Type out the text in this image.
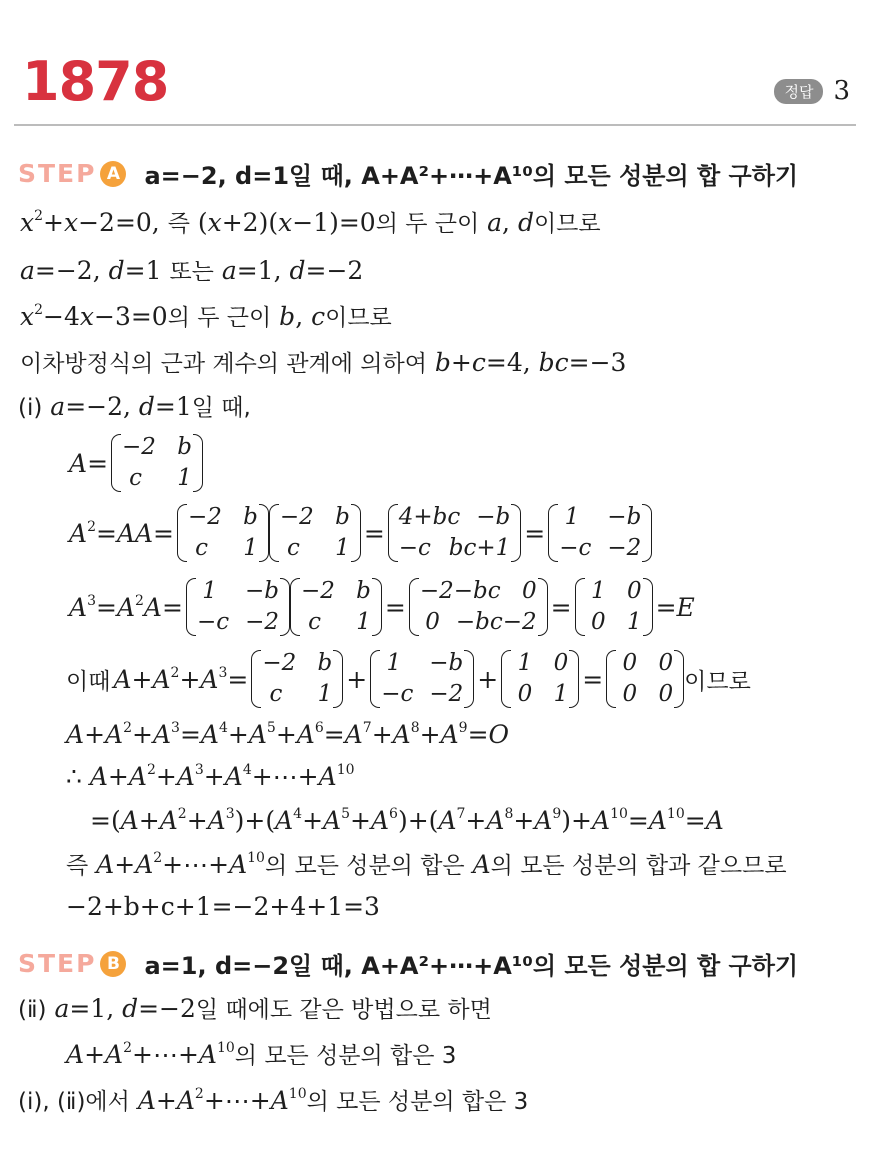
1878	정답 3
STEP A a=−2, d=1일 때, A+A²+⋯+A¹⁰의 모든 성분의 합 구하기
$x^2+x-2=0$, 즉 (x+2)(x−1)=0의 두 근이 a, d이므로
a=−2, d=1 또는 a=1, d=−2
$x^2-4x-3=0$의 두 근이 b, c이므로
이차방정식의 근과 계수의 관계에 의하여 b+c=4, bc=−3
(ⅰ) a=−2, d=1일 때,
A=
−2 b
c 1
$A^2=AA=$
−2 b
c 1
−2 b
c 1
=
4+bc −b
−c bc+1
=
1 −b
−c −2
$A^3=A^2A=$
1 −b
−c −2
−2 b
c 1
=
−2−bc 0
0 −bc−2
=
1 0
0 1
=E
이때 $A+A^2+A^3=$
−2 b
c 1
+
1 −b
−c −2
+
1 0
0 1
=
0 0
0 0 이므로
$A+A^2+A^3=A^4+A^5+A^6=A^7+A^8+A^9=O$
∴ $A+A^2+A^3+A^4+\cdots+A^{10}$
$=(A+A^2+A^3)+(A^4+A^5+A^6)+(A^7+A^8+A^9)+A^{10}=A^{10}=A$
즉 $A+A^2+\cdots+A^{10}$의 모든 성분의 합은 A의 모든 성분의 합과 같으므로
−2+b+c+1=−2+4+1=3
STEP B a=1, d=−2일 때, A+A²+⋯+A¹⁰의 모든 성분의 합 구하기
(ⅱ) a=1, d=−2일 때에도 같은 방법으로 하면
$A+A^2+\cdots+A^{10}$의 모든 성분의 합은 3
(ⅰ), (ⅱ)에서 $A+A^2+\cdots+A^{10}$의 모든 성분의 합은 3
